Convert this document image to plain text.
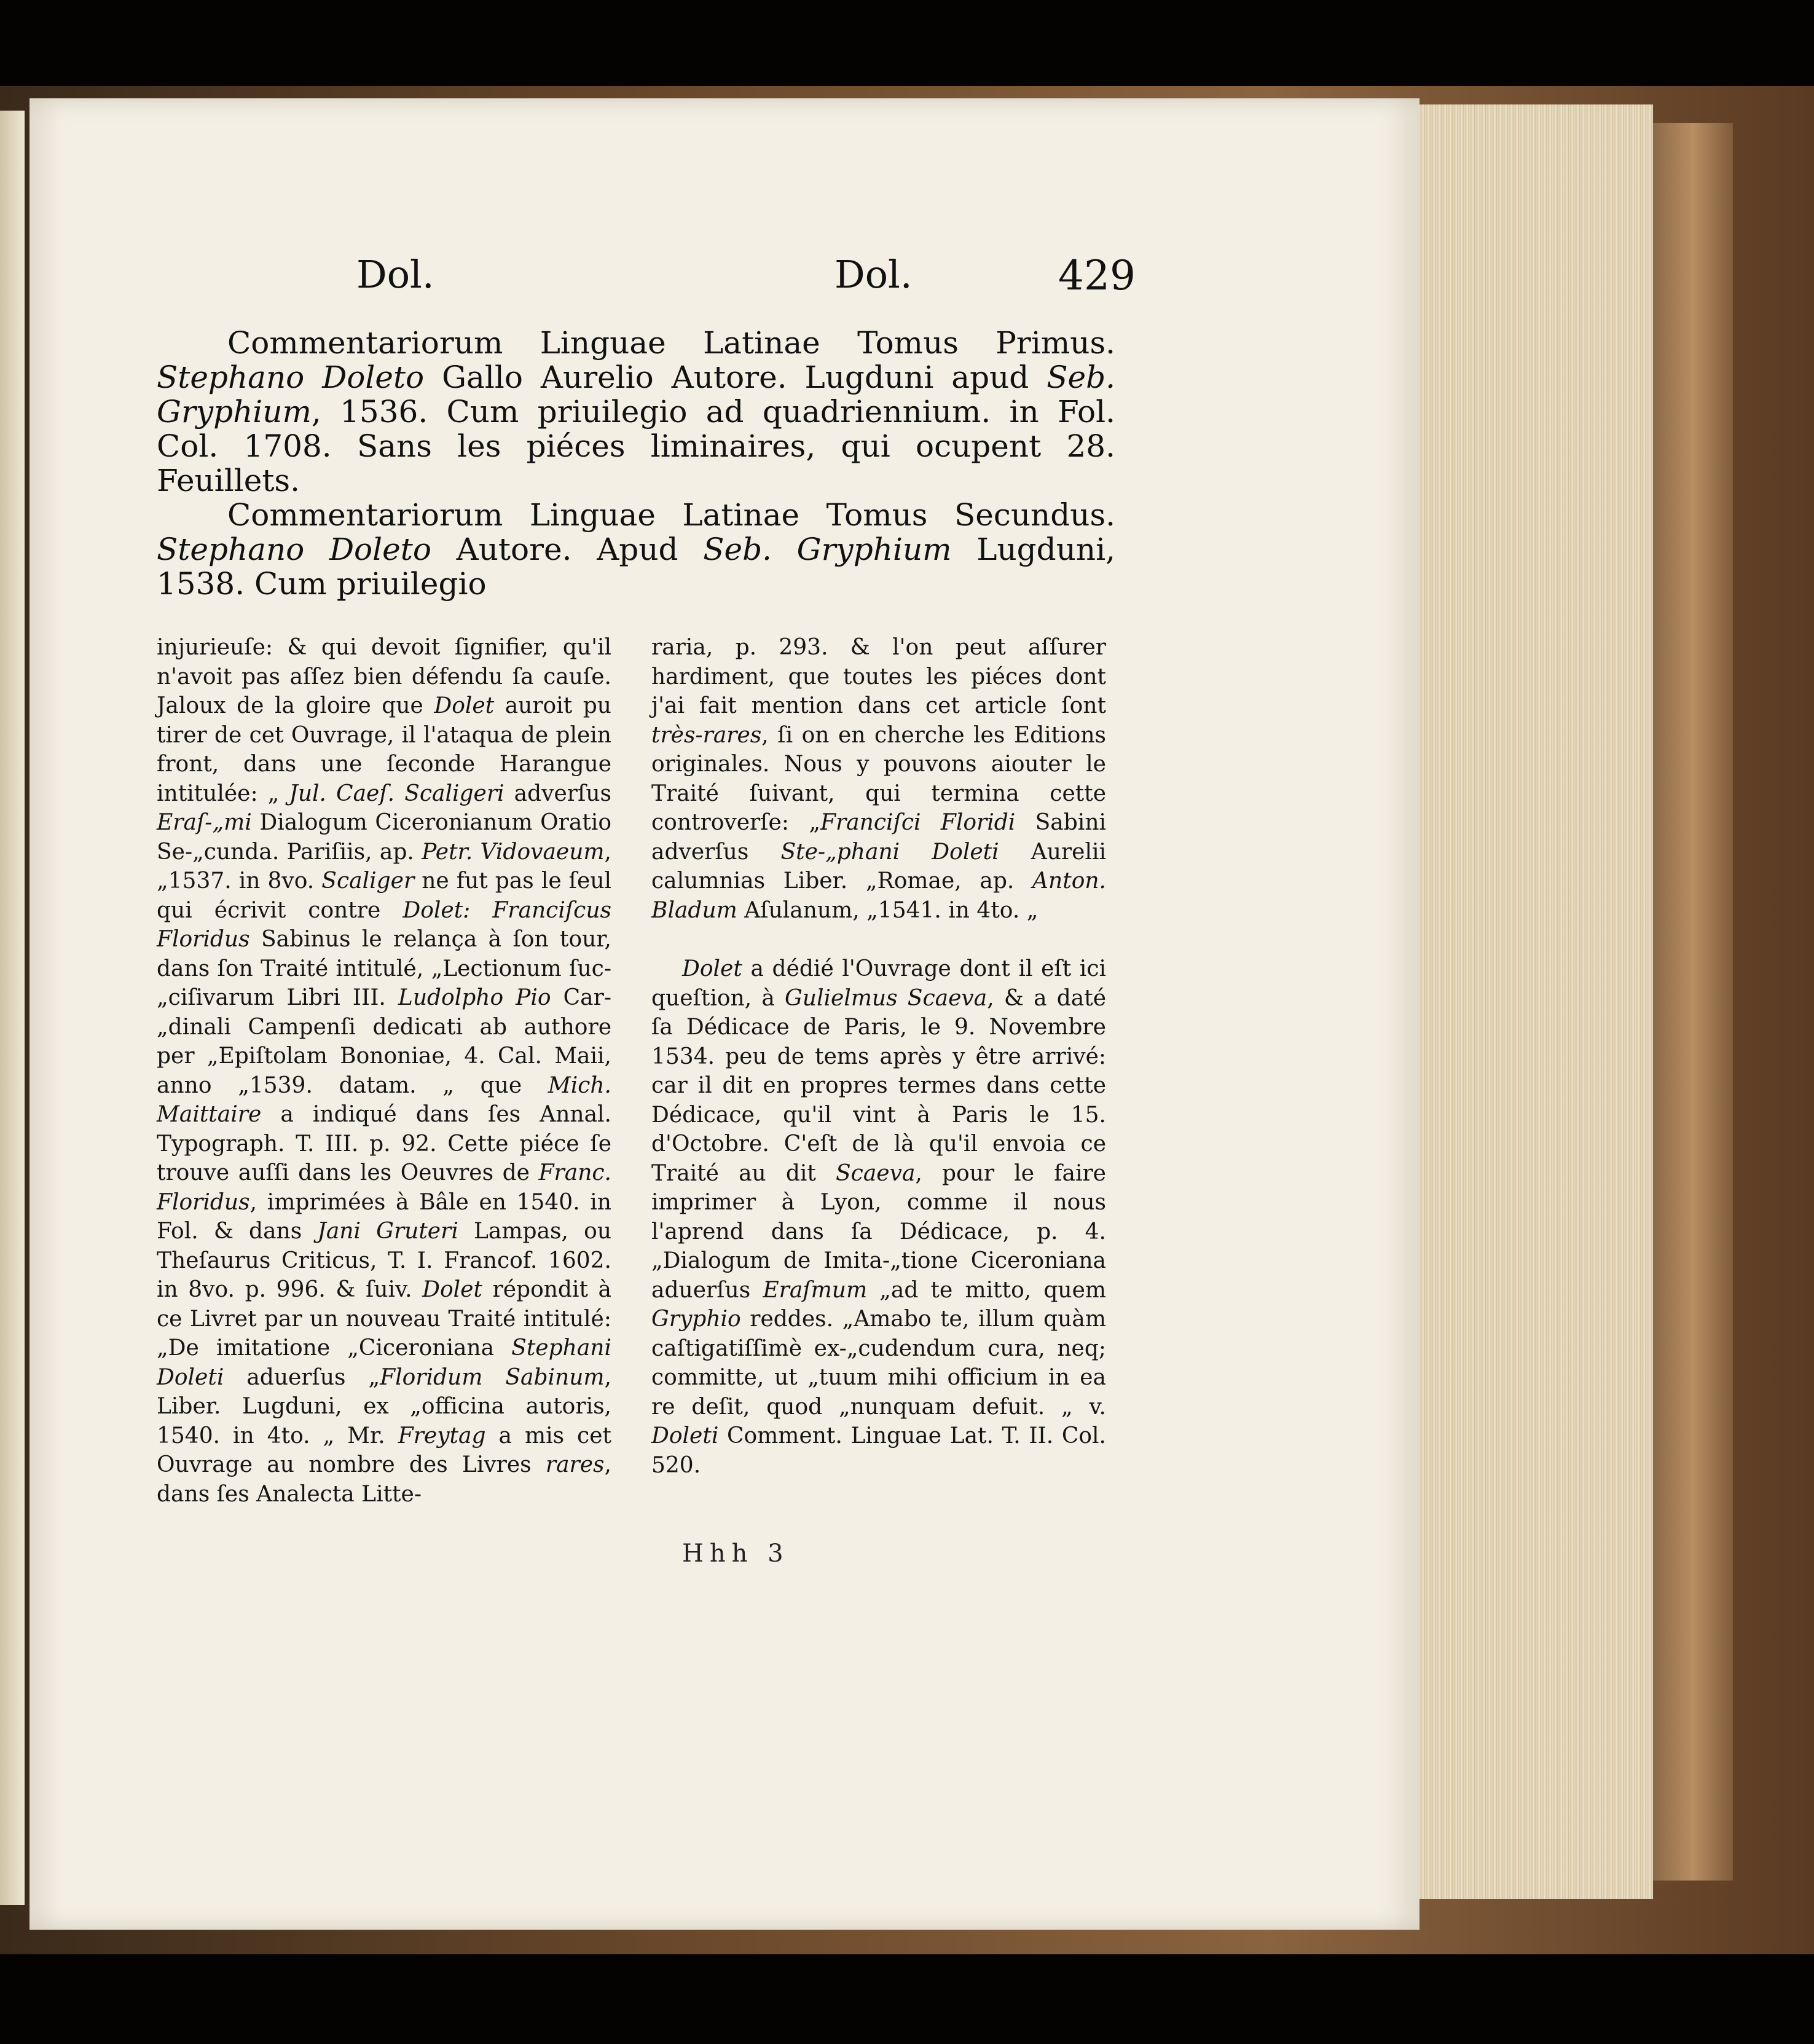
Dol.	Dol.	429
Commentariorum Linguae Latinae Tomus Primus. Stephano Doleto Gallo Aurelio Autore. Lugduni apud Seb. Gryphium, 1536. Cum priuilegio ad quadriennium. in Fol. Col. 1708. Sans les piéces liminaires, qui ocupent 28. Feuillets.
Commentariorum Linguae Latinae Tomus Secundus. Stephano Doleto Autore. Apud Seb. Gryphium Lugduni, 1538. Cum priuilegio

injurieuſe: & qui devoit ſignifier, qu'il n'avoit pas aſſez bien défendu ſa cauſe. Jaloux de la gloire que Dolet auroit pu tirer de cet Ouvrage, il l'ataqua de plein front, dans une ſeconde Harangue intitulée: „ Jul. Caeſ. Scaligeri adverſus Eraſ-„mi Dialogum Ciceronianum Oratio Se-„cunda. Pariſiis, ap. Petr. Vidovaeum, „1537. in 8vo. Scaliger ne fut pas le ſeul qui écrivit contre Dolet: Franciſcus Floridus Sabinus le relança à ſon tour, dans ſon Traité intitulé, „Lectionum ſuc-„ciſivarum Libri III. Ludolpho Pio Car-„dinali Campenſi dedicati ab authore per „Epiſtolam Bononiae, 4. Cal. Maii, anno „1539. datam. „ que Mich. Maittaire a indiqué dans ſes Annal. Typograph. T. III. p. 92. Cette piéce ſe trouve auſſi dans les Oeuvres de Franc. Floridus, imprimées à Bâle en 1540. in Fol. & dans Jani Gruteri Lampas, ou Theſaurus Criticus, T. I. Francof. 1602. in 8vo. p. 996. & ſuiv. Dolet répondit à ce Livret par un nouveau Traité intitulé: „De imitatione „Ciceroniana Stephani Doleti aduerſus „Floridum Sabinum, Liber. Lugduni, ex „officina autoris, 1540. in 4to. „ Mr. Freytag a mis cet Ouvrage au nombre des Livres rares, dans ſes Analecta Litte-

raria, p. 293. & l'on peut aſſurer hardiment, que toutes les piéces dont j'ai fait mention dans cet article ſont très-rares, ſi on en cherche les Editions originales. Nous y pouvons aiouter le Traité ſuivant, qui termina cette controverſe: „Franciſci Floridi Sabini adverſus Ste-„phani Doleti Aurelii calumnias Liber. „Romae, ap. Anton. Bladum Aſulanum, „1541. in 4to. „

Dolet a dédié l'Ouvrage dont il eſt ici queſtion, à Gulielmus Scaeva, & a daté ſa Dédicace de Paris, le 9. Novembre 1534. peu de tems après y être arrivé: car il dit en propres termes dans cette Dédicace, qu'il vint à Paris le 15. d'Octobre. C'eſt de là qu'il envoia ce Traité au dit Scaeva, pour le faire imprimer à Lyon, comme il nous l'aprend dans ſa Dédicace, p. 4. „Dialogum de Imita-„tione Ciceroniana aduerſus Eraſmum „ad te mitto, quem Gryphio reddes. „Amabo te, illum quàm caſtigatiſſimè ex-„cudendum cura, neq; committe, ut „tuum mihi officium in ea re deſit, quod „nunquam defuit. „ v. Doleti Comment. Linguae Lat. T. II. Col. 520.

Hhh 3
